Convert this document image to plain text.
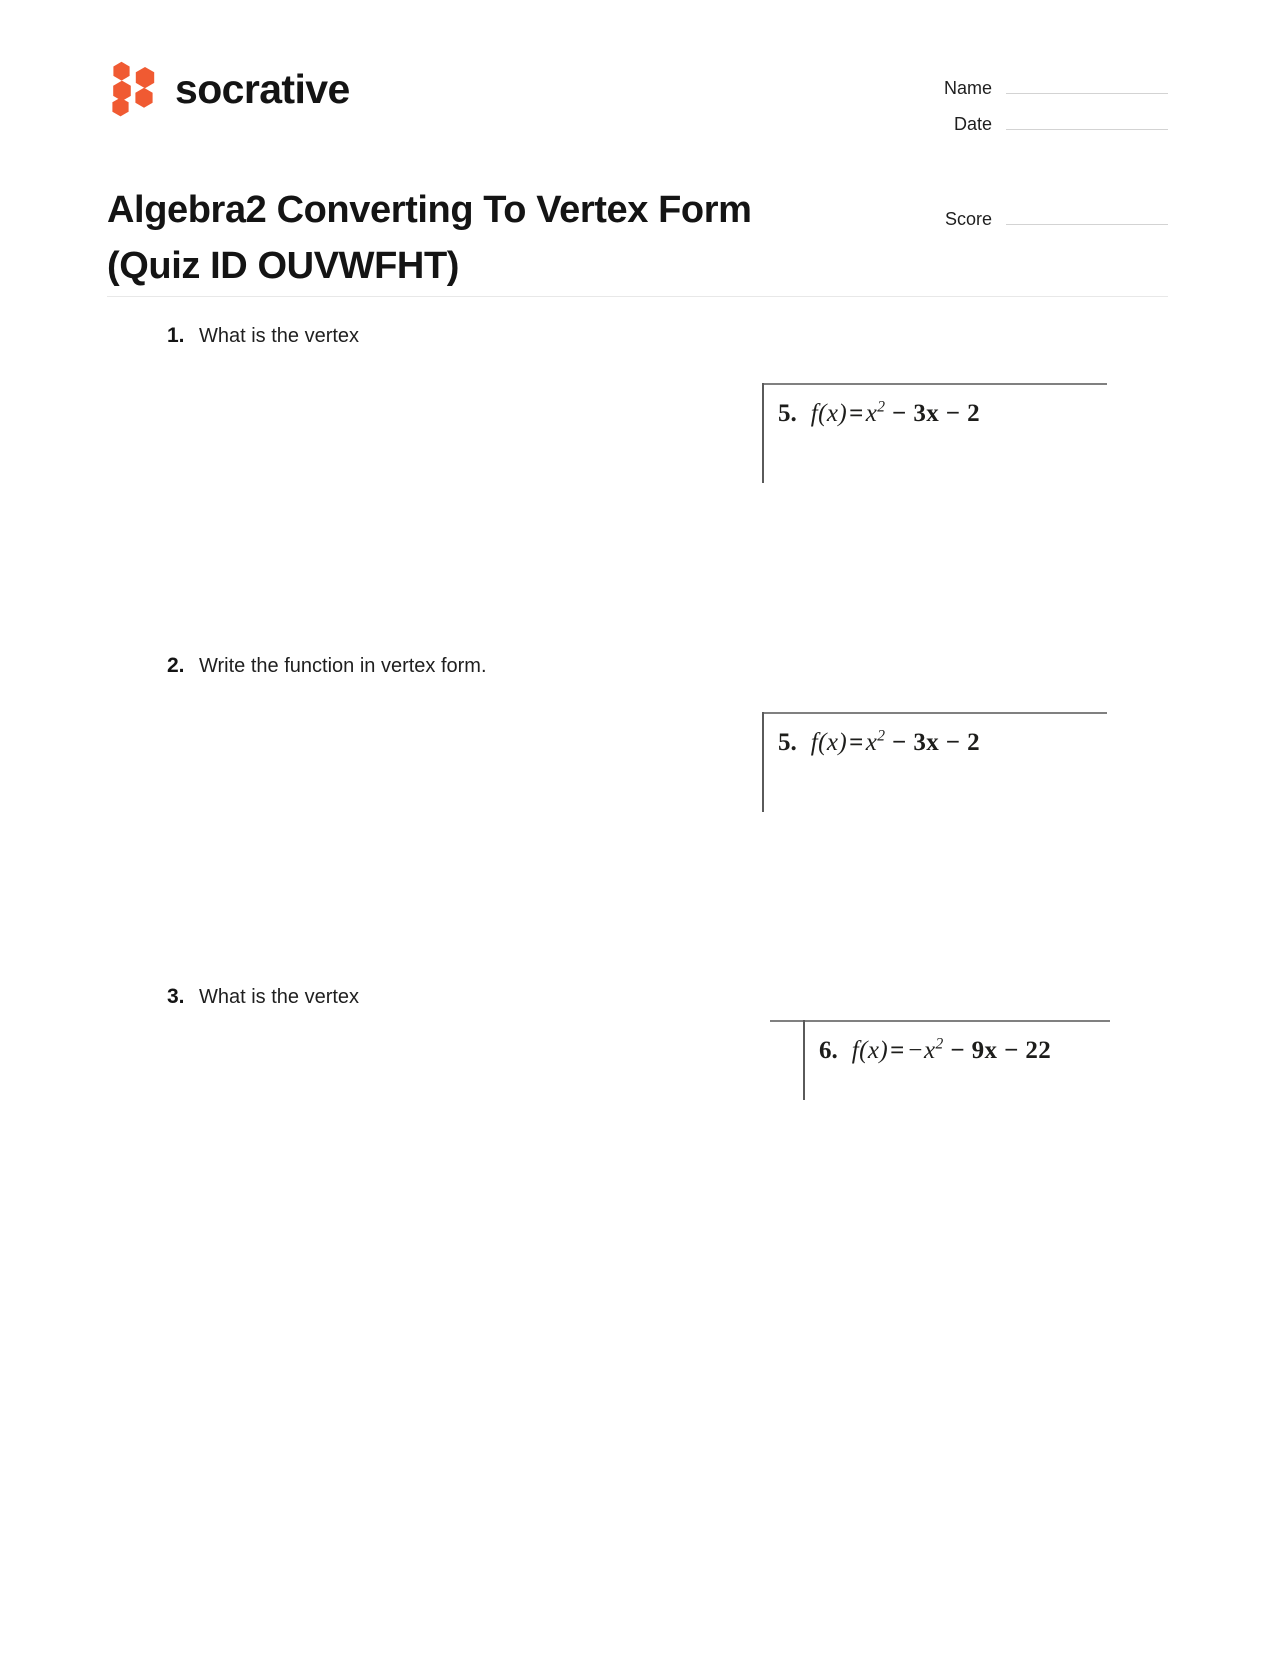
socrative
Algebra2 Converting To Vertex Form (Quiz ID OUVWFHT)
Name
Date
Score
1. What is the vertex
5. $f(x)=x^2 - 3x - 2$
2. Write the function in vertex form.
5. $f(x)=x^2 - 3x - 2$
3. What is the vertex
6. $f(x)=-x^2 - 9x - 22$
